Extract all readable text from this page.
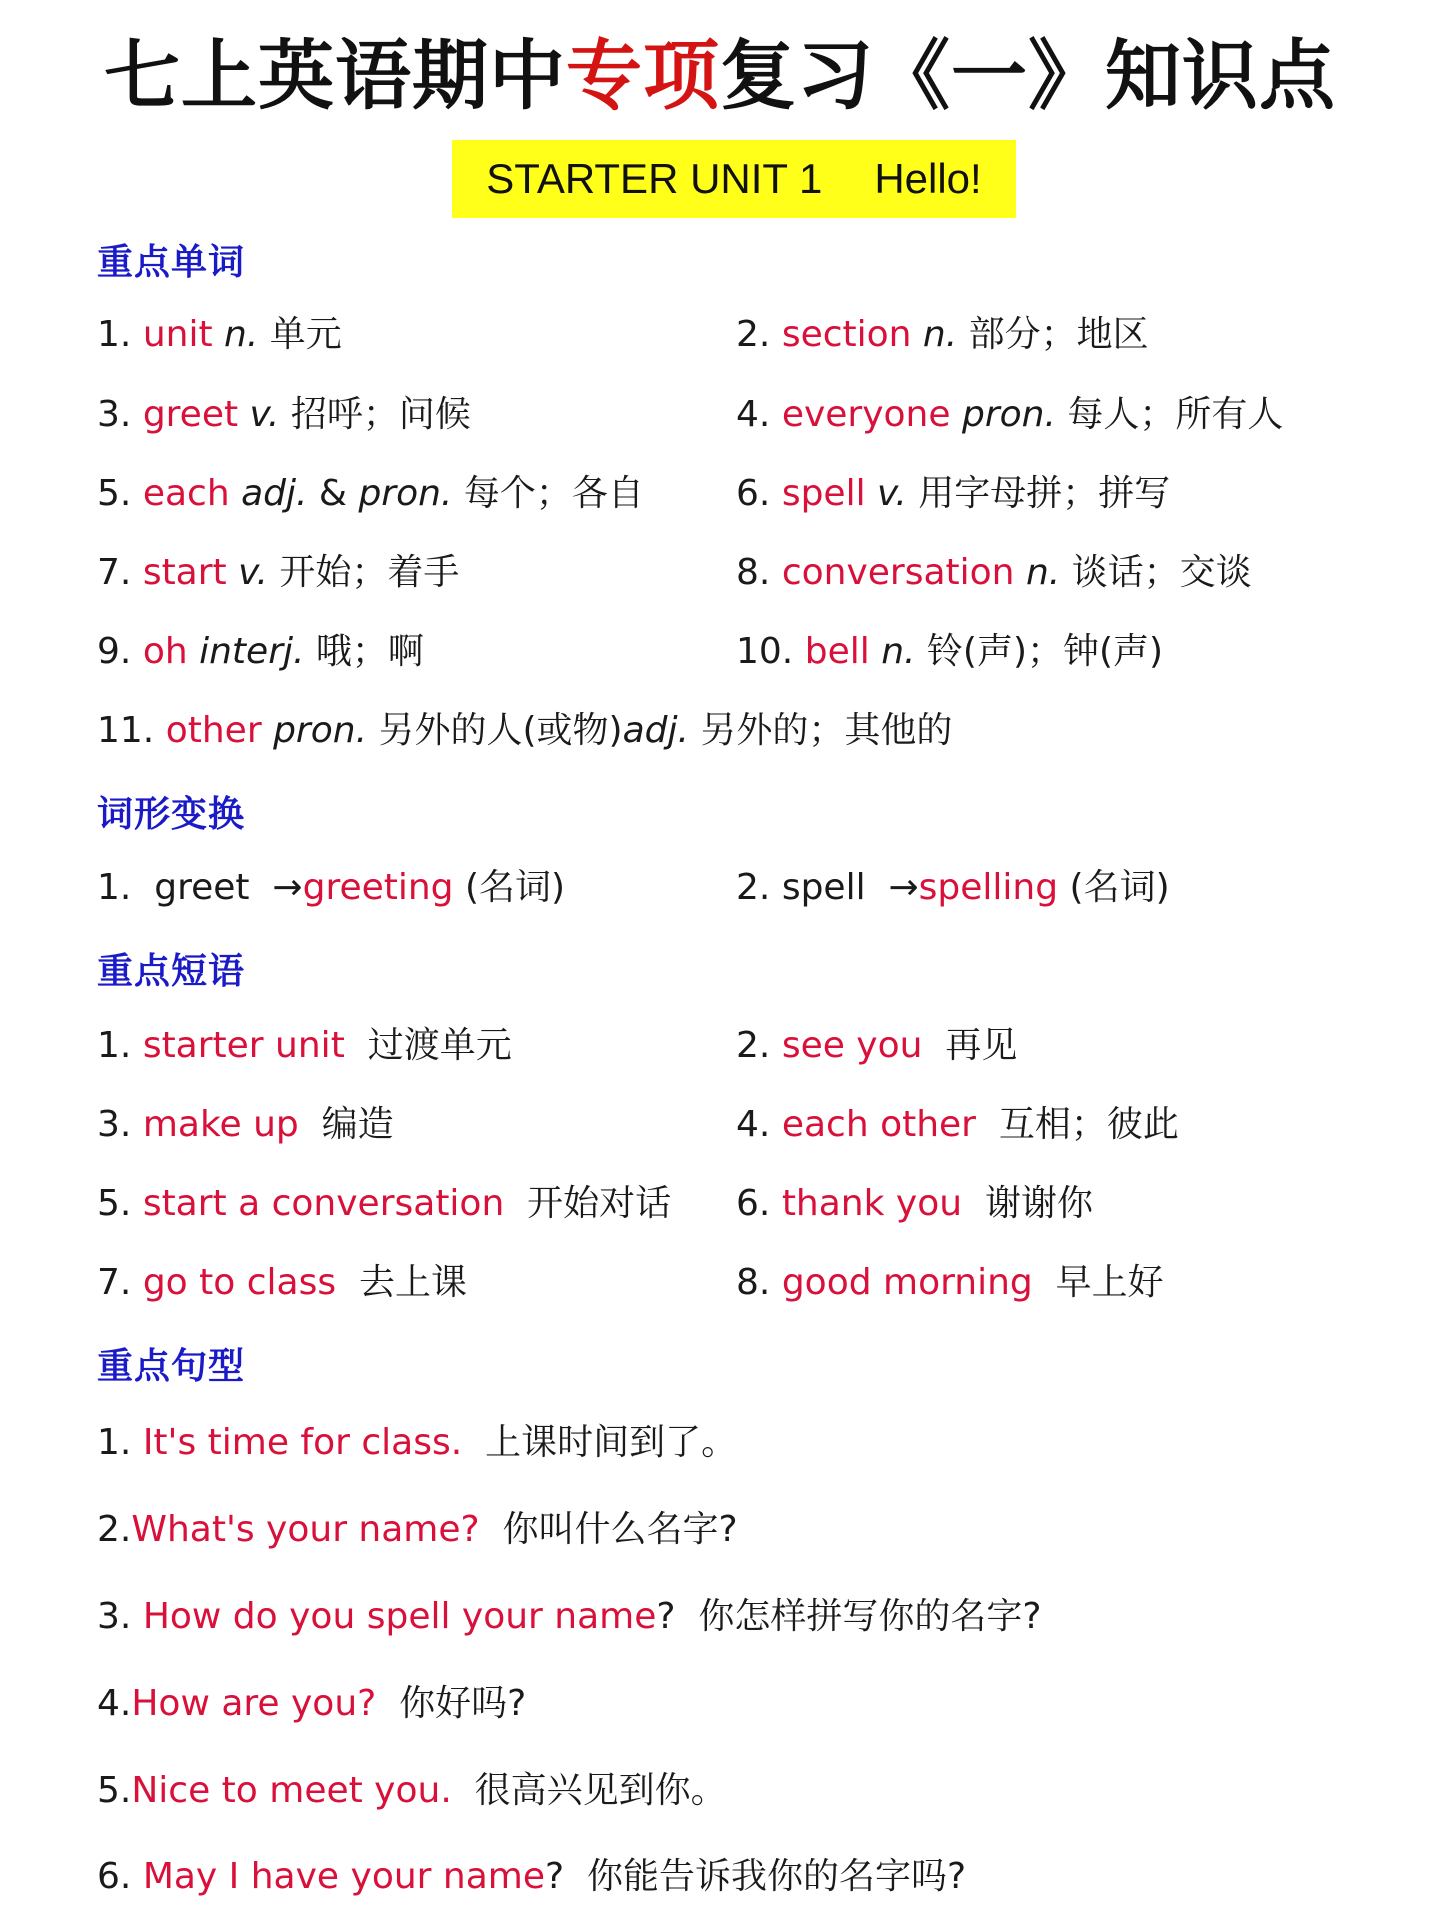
七上英语期中专项复习《一》知识点
STARTER UNIT 1 Hello!
重点单词
1. unit n. 单元	2. section n. 部分；地区
3. greet v. 招呼；问候	4. everyone pron. 每人；所有人
5. each adj. & pron. 每个；各自	6. spell v. 用字母拼；拼写
7. start v. 开始；着手	8. conversation n. 谈话；交谈
9. oh interj. 哦；啊	10. bell n. 铃(声)；钟(声)
11. other pron. 另外的人(或物)adj. 另外的；其他的
词形变换
1. greet →greeting (名词)	2. spell →spelling (名词)
重点短语
1. starter unit 过渡单元	2. see you 再见
3. make up 编造	4. each other 互相；彼此
5. start a conversation 开始对话 6. thank you 谢谢你
7. go to class 去上课	8. good morning 早上好
重点句型
1. It's time for class. 上课时间到了。
2.What's your name? 你叫什么名字?
3. How do you spell your name? 你怎样拼写你的名字?
4.How are you? 你好吗?
5.Nice to meet you. 很高兴见到你。
6. May I have your name? 你能告诉我你的名字吗?
